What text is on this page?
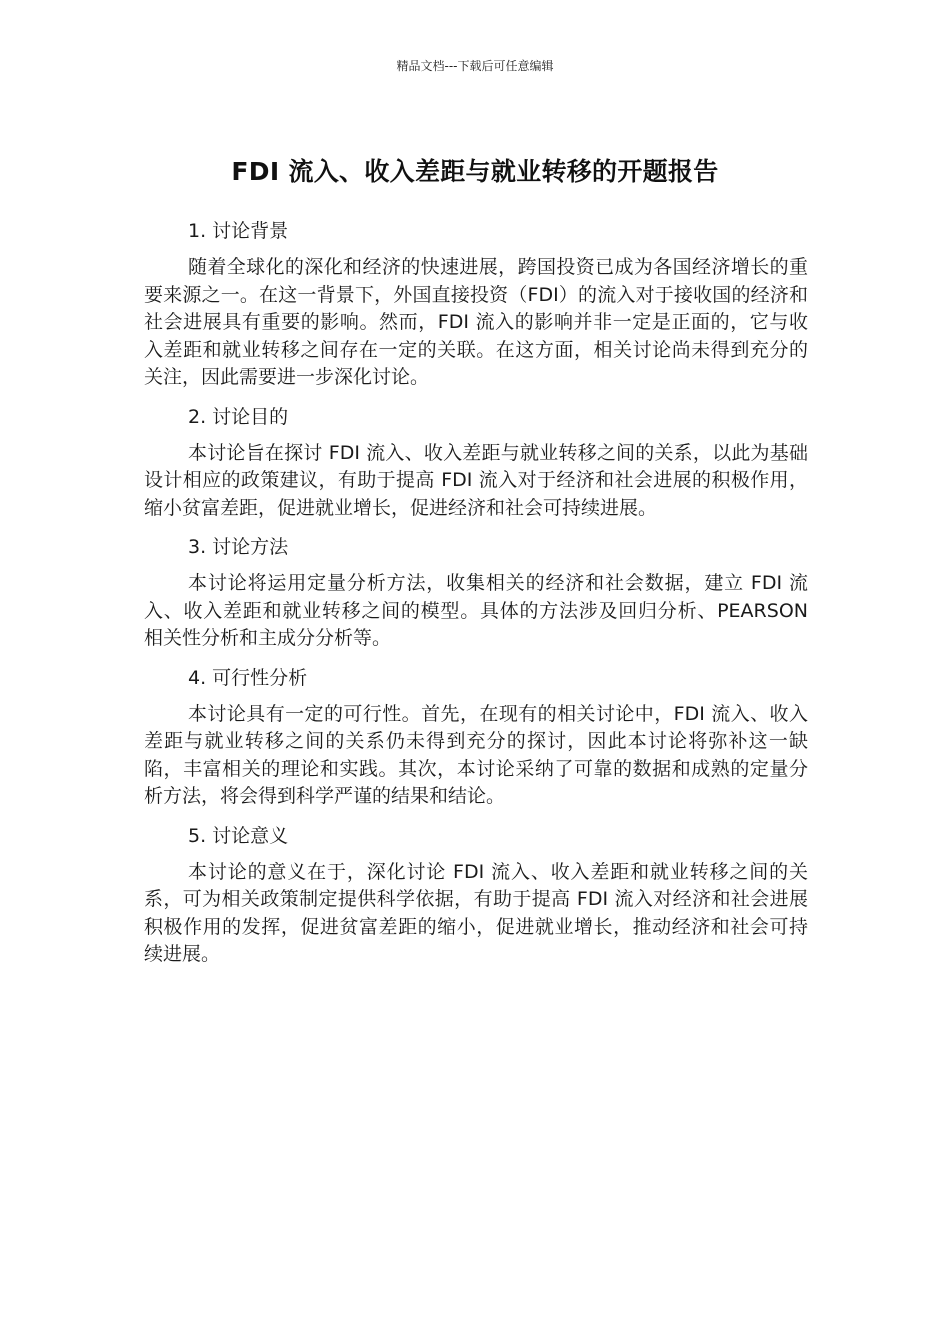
精品文档---下载后可任意编辑
FDI 流入、收入差距与就业转移的开题报告
1. 讨论背景

随着全球化的深化和经济的快速进展，跨国投资已成为各国经济增长的重要来源之一。在这一背景下，外国直接投资（FDI）的流入对于接收国的经济和社会进展具有重要的影响。然而，FDI 流入的影响并非一定是正面的，它与收入差距和就业转移之间存在一定的关联。在这方面，相关讨论尚未得到充分的关注，因此需要进一步深化讨论。

2. 讨论目的

本讨论旨在探讨 FDI 流入、收入差距与就业转移之间的关系，以此为基础设计相应的政策建议，有助于提高 FDI 流入对于经济和社会进展的积极作用，缩小贫富差距，促进就业增长，促进经济和社会可持续进展。

3. 讨论方法

本讨论将运用定量分析方法，收集相关的经济和社会数据，建立 FDI 流入、收入差距和就业转移之间的模型。具体的方法涉及回归分析、PEARSON 相关性分析和主成分分析等。

4. 可行性分析

本讨论具有一定的可行性。首先，在现有的相关讨论中，FDI 流入、收入差距与就业转移之间的关系仍未得到充分的探讨，因此本讨论将弥补这一缺陷，丰富相关的理论和实践。其次，本讨论采纳了可靠的数据和成熟的定量分析方法，将会得到科学严谨的结果和结论。

5. 讨论意义

本讨论的意义在于，深化讨论 FDI 流入、收入差距和就业转移之间的关系，可为相关政策制定提供科学依据，有助于提高 FDI 流入对经济和社会进展积极作用的发挥，促进贫富差距的缩小，促进就业增长，推动经济和社会可持续进展。
